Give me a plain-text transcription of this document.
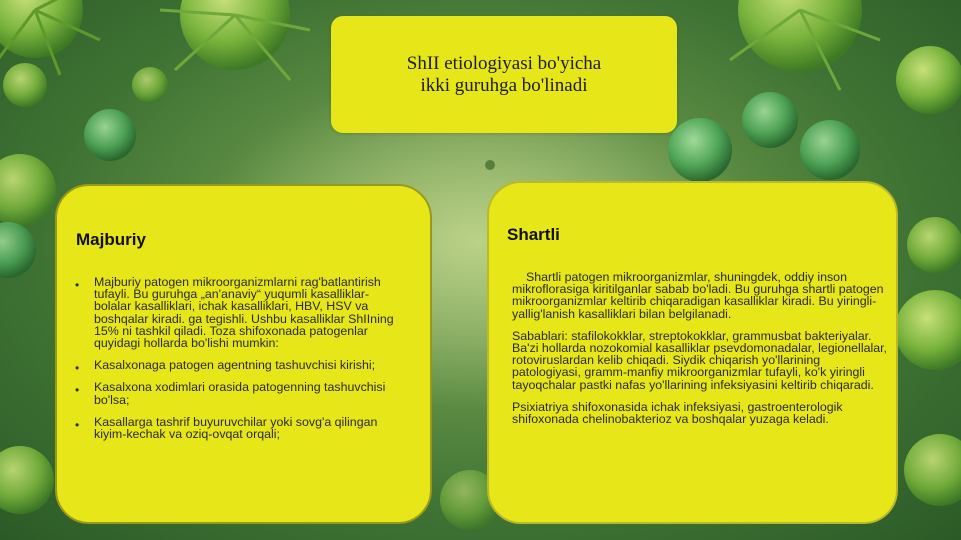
ShII etiologiyasi bo'yicha
ikki guruhga bo'linadi
Majburiy
• Majburiy patogen mikroorganizmlarni rag'batlantirish tufayli. Bu guruhga „an'anaviy“ yuqumli kasalliklar-bolalar kasalliklari, ichak kasalliklari, HBV, HSV va boshqalar kiradi. ga tegishli. Ushbu kasalliklar ShIIning 15% ni tashkil qiladi. Toza shifoxonada patogenlar quyidagi hollarda bo'lishi mumkin:
• Kasalxonaga patogen agentning tashuvchisi kirishi;
• Kasalxona xodimlari orasida patogenning tashuvchisi bo'lsa;
• Kasallarga tashrif buyuruvchilar yoki sovg'a qilingan kiyim-kechak va oziq-ovqat orqali;
Shartli
Shartli patogen mikroorganizmlar, shuningdek, oddiy inson mikroflorasiga kiritilganlar sabab bo'ladi. Bu guruhga shartli patogen mikroorganizmlar keltirib chiqaradigan kasalliklar kiradi. Bu yiringli-yallig'lanish kasalliklari bilan belgilanadi.
Sabablari: stafilokokklar, streptokokklar, grammusbat bakteriyalar. Ba'zi hollarda nozokomial kasalliklar psevdomonadalar, legionellalar, rotoviruslardan kelib chiqadi. Siydik chiqarish yo'llarining patologiyasi, gramm-manfiy mikroorganizmlar tufayli, ko'k yiringli tayoqchalar pastki nafas yo'llarining infeksiyasini keltirib chiqaradi.
Psixiatriya shifoxonasida ichak infeksiyasi, gastroenterologik shifoxonada chelinobakterioz va boshqalar yuzaga keladi.
